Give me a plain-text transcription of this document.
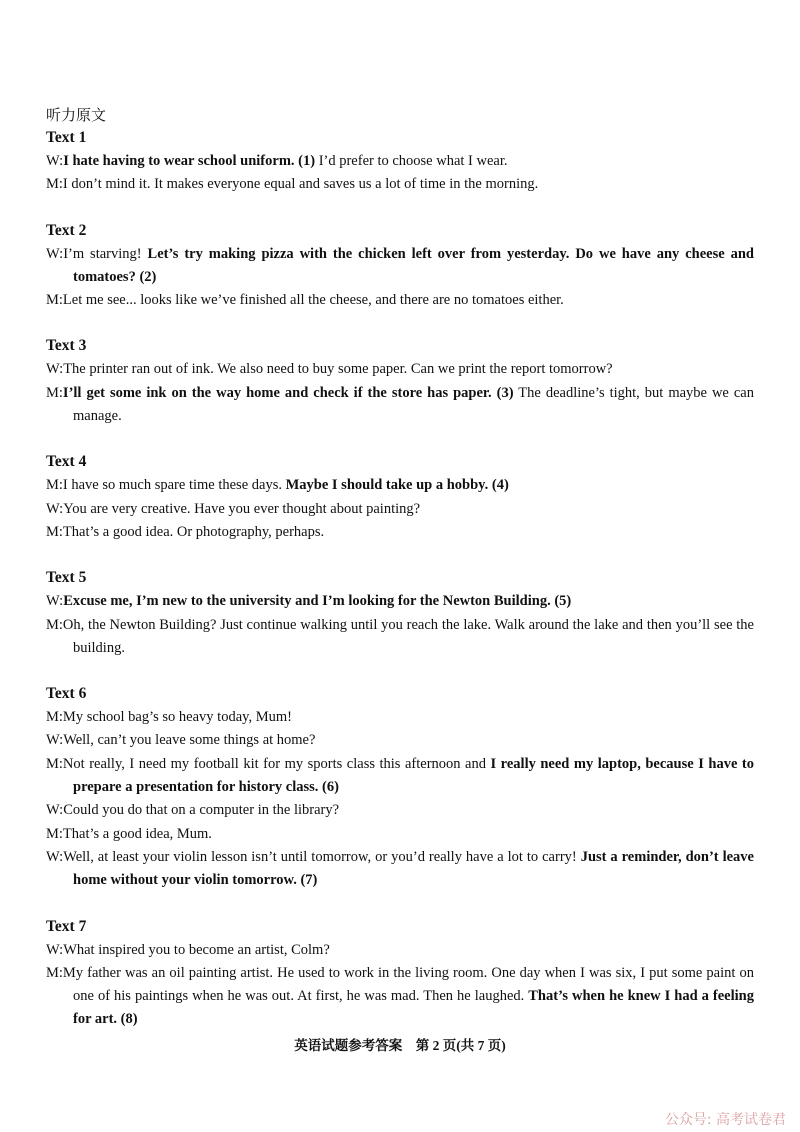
听力原文
Text 1
W:I hate having to wear school uniform. (1) I’d prefer to choose what I wear.
M:I don’t mind it. It makes everyone equal and saves us a lot of time in the morning.
Text 2
W:I’m starving! Let’s try making pizza with the chicken left over from yesterday. Do we have any cheese and tomatoes? (2)
M:Let me see... looks like we’ve finished all the cheese, and there are no tomatoes either.
Text 3
W:The printer ran out of ink. We also need to buy some paper. Can we print the report tomorrow?
M:I’ll get some ink on the way home and check if the store has paper. (3) The deadline’s tight, but maybe we can manage.
Text 4
M:I have so much spare time these days. Maybe I should take up a hobby. (4)
W:You are very creative. Have you ever thought about painting?
M:That’s a good idea. Or photography, perhaps.
Text 5
W:Excuse me, I’m new to the university and I’m looking for the Newton Building. (5)
M:Oh, the Newton Building? Just continue walking until you reach the lake. Walk around the lake and then you’ll see the building.
Text 6
M:My school bag’s so heavy today, Mum!
W:Well, can’t you leave some things at home?
M:Not really, I need my football kit for my sports class this afternoon and I really need my laptop, because I have to prepare a presentation for history class. (6)
W:Could you do that on a computer in the library?
M:That’s a good idea, Mum.
W:Well, at least your violin lesson isn’t until tomorrow, or you’d really have a lot to carry! Just a reminder, don’t leave home without your violin tomorrow. (7)
Text 7
W:What inspired you to become an artist, Colm?
M:My father was an oil painting artist. He used to work in the living room. One day when I was six, I put some paint on one of his paintings when he was out. At first, he was mad. Then he laughed. That’s when he knew I had a feeling for art. (8)
英语试题参考答案　第 2 页(共 7 页)
公众号: 高考试卷君
